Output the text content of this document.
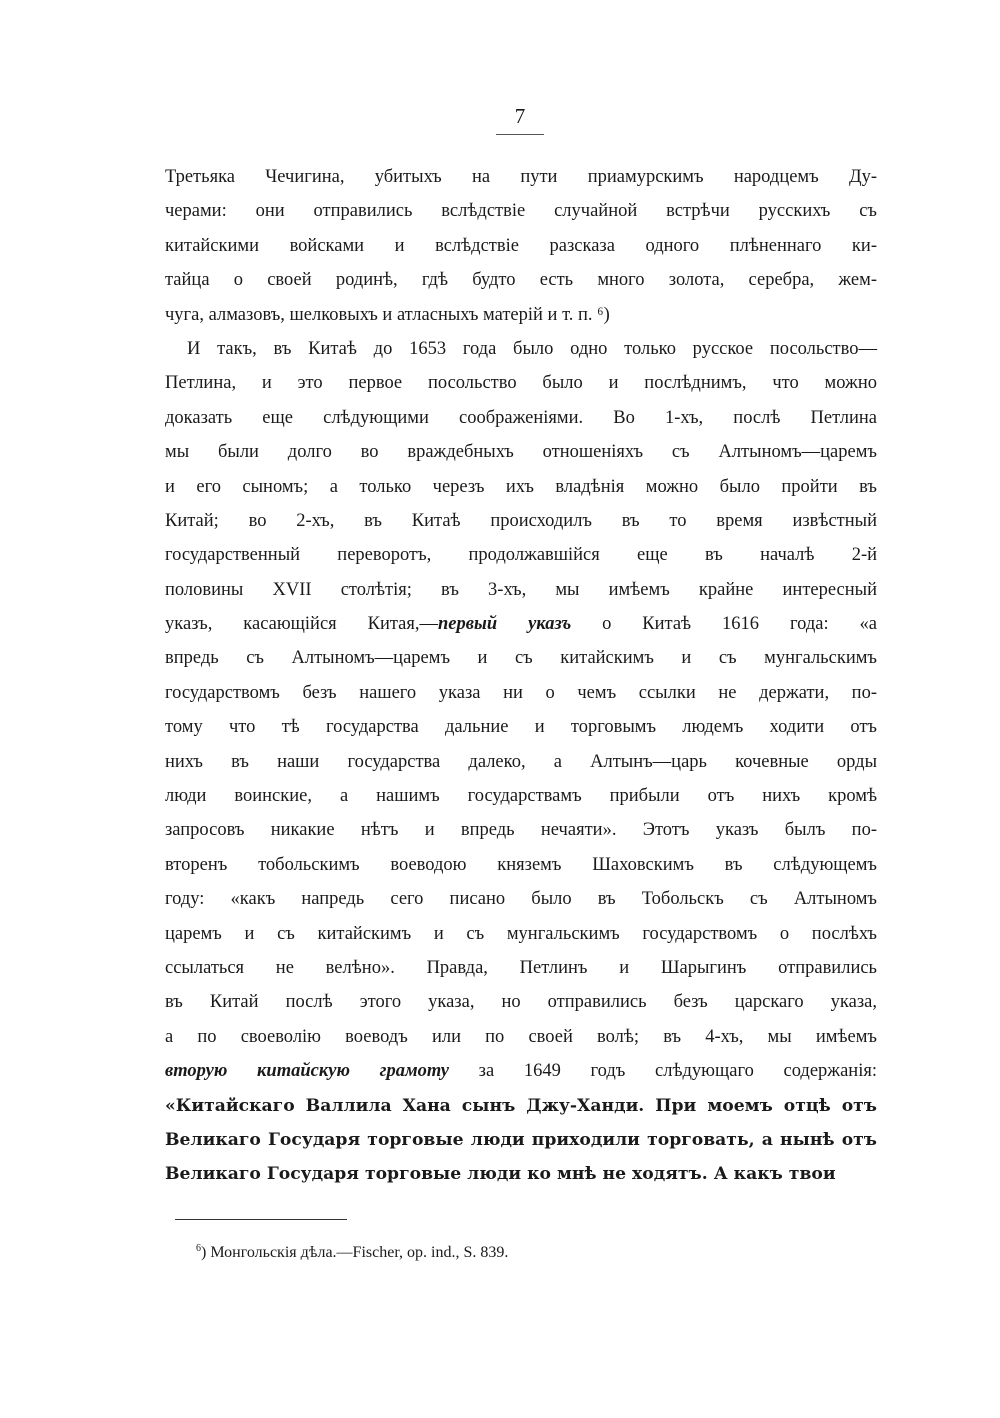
7
Третьяка Чечигина, убитыхъ на пути приамурскимъ народцемъ Ду-
черами: они отправились вслѣдствіе случайной встрѣчи русскихъ съ
китайскими войсками и вслѣдствіе разсказа одного плѣненнаго ки-
тайца о своей родинѣ, гдѣ будто есть много золота, серебра, жем-
чуга, алмазовъ, шелковыхъ и атласныхъ матерій и т. п. ⁶)
И такъ, въ Китаѣ до 1653 года было одно только русское посольство—
Петлина, и это первое посольство было и послѣднимъ, что можно
доказать еще слѣдующими соображеніями. Во 1-хъ, послѣ Петлина
мы были долго во враждебныхъ отношеніяхъ съ Алтыномъ—царемъ
и его сыномъ; а только черезъ ихъ владѣнія можно было пройти въ
Китай; во 2-хъ, въ Китаѣ происходилъ въ то время извѣстный
государственный переворотъ, продолжавшійся еще въ началѣ 2-й
половины XVII столѣтія; въ 3-хъ, мы имѣемъ крайне интересный
указъ, касающійся Китая,—первый указъ о Китаѣ 1616 года: «а
впредь съ Алтыномъ—царемъ и съ китайскимъ и съ мунгальскимъ
государствомъ безъ нашего указа ни о чемъ ссылки не держати, по-
тому что тѣ государства дальние и торговымъ людемъ ходити отъ
нихъ въ наши государства далеко, а Алтынъ—царь кочевные орды
люди воинские, а нашимъ государствамъ прибыли отъ нихъ кромѣ
запросовъ никакие нѣтъ и впредь нечаяти». Этотъ указъ былъ по-
вторенъ тобольскимъ воеводою княземъ Шаховскимъ въ слѣдующемъ
году: «какъ напредь сего писано было въ Тобольскъ съ Алтыномъ
царемъ и съ китайскимъ и съ мунгальскимъ государствомъ о послѣхъ
ссылаться не велѣно». Правда, Петлинъ и Шарыгинъ отправились
въ Китай послѣ этого указа, но отправились безъ царскаго указа,
а по своеволію воеводъ или по своей волѣ; въ 4-хъ, мы имѣемъ
вторую китайскую грамоту за 1649 годъ слѣдующаго содержанія:
«Китайскаго Валлила Хана сынъ Джу-Ханди. При моемъ отцѣ отъ
Великаго Государя торговые люди приходили торговать, а нынѣ отъ
Великаго Государя торговые люди ко мнѣ не ходятъ. А какъ твои
$^6$) Монгольскія дѣла.—Fischer, op. ind., S. 839.
